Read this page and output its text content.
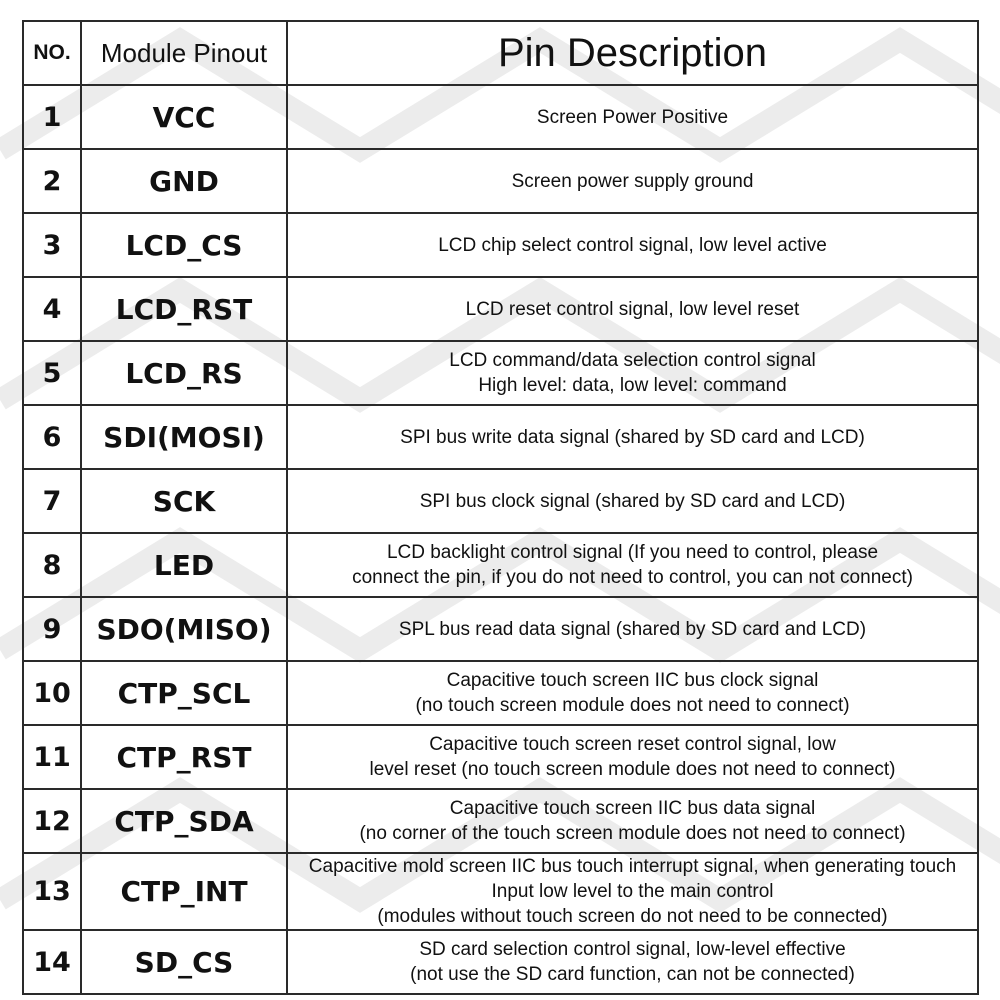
NO.	Module Pinout	Pin Description
1	VCC	Screen Power Positive

2	GND	Screen power supply ground

3	LCD_CS	LCD chip select control signal, low level active

4	LCD_RST	LCD reset control signal, low level reset

5	LCD_RS	LCD command/data selection control signal
High level: data, low level: command

6	SDI(MOSI)	SPI bus write data signal (shared by SD card and LCD)

7	SCK	SPI bus clock signal (shared by SD card and LCD)

8	LED	LCD backlight control signal (If you need to control, please
connect the pin, if you do not need to control, you can not connect)

9	SDO(MISO)	SPL bus read data signal (shared by SD card and LCD)

10	CTP_SCL	Capacitive touch screen IIC bus clock signal
(no touch screen module does not need to connect)

11	CTP_RST	Capacitive touch screen reset control signal, low
level reset (no touch screen module does not need to connect)

12	CTP_SDA	Capacitive touch screen IIC bus data signal
(no corner of the touch screen module does not need to connect)

13	CTP_INT	Capacitive mold screen IIC bus touch interrupt signal, when generating touch
Input low level to the main control
(modules without touch screen do not need to be connected)

14	SD_CS	SD card selection control signal, low-level effective
(not use the SD card function, can not be connected)
